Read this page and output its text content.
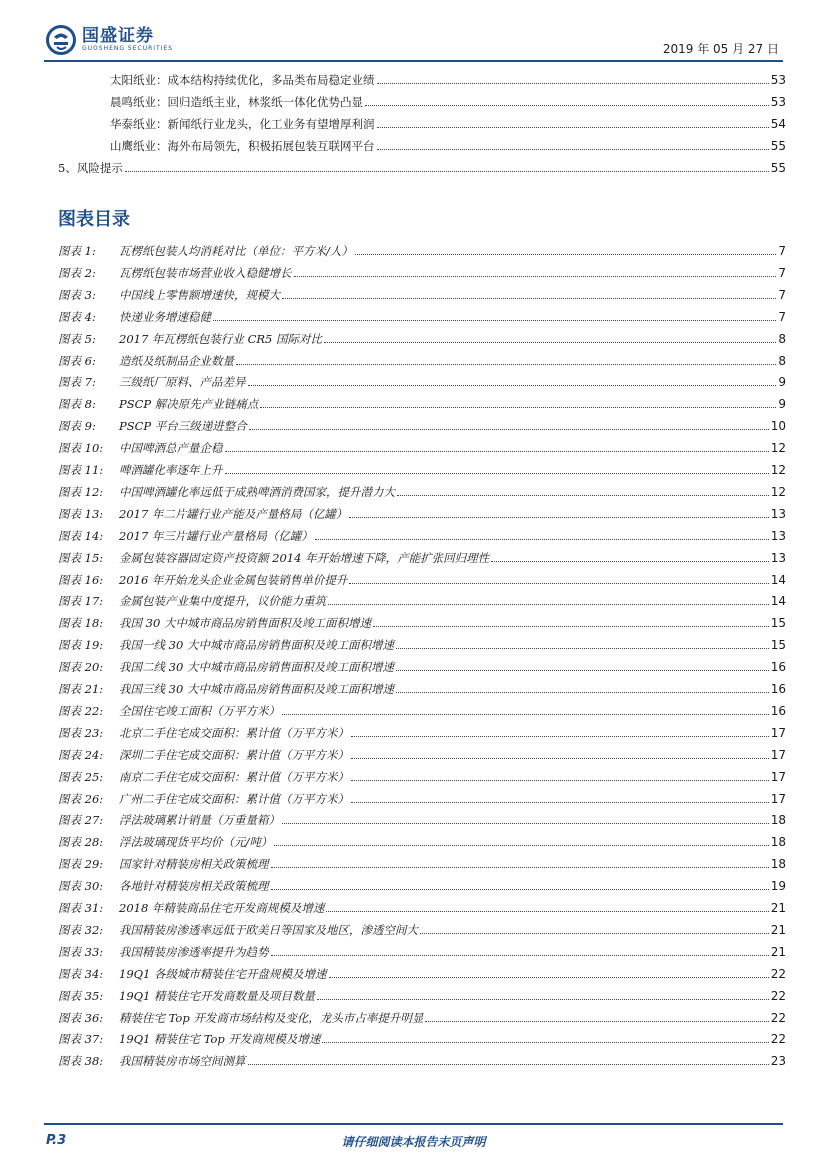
国盛证券
GUOSHENG SECURITIES	2019 年 05 月 27 日
太阳纸业：成本结构持续优化，多品类布局稳定业绩	53
晨鸣纸业：回归造纸主业，林浆纸一体化优势凸显	53
华泰纸业：新闻纸行业龙头，化工业务有望增厚利润	54
山鹰纸业：海外布局领先，积极拓展包装互联网平台	55
5、风险提示	55
图表目录
图表 1:	瓦楞纸包装人均消耗对比（单位：平方米/人）	7
图表 2:	瓦楞纸包装市场营业收入稳健增长	7
图表 3:	中国线上零售额增速快，规模大	7
图表 4:	快递业务增速稳健	7
图表 5:	2017 年瓦楞纸包装行业 CR5 国际对比	8
图表 6:	造纸及纸制品企业数量	8
图表 7:	三级纸厂原料、产品差异	9
图表 8:	PSCP 解决原先产业链痛点	9
图表 9:	PSCP 平台三级递进整合	10
图表 10:	中国啤酒总产量企稳	12
图表 11:	啤酒罐化率逐年上升	12
图表 12:	中国啤酒罐化率远低于成熟啤酒消费国家，提升潜力大	12
图表 13:	2017 年二片罐行业产能及产量格局（亿罐）	13
图表 14:	2017 年三片罐行业产量格局（亿罐）	13
图表 15:	金属包装容器固定资产投资额 2014 年开始增速下降，产能扩张回归理性	13
图表 16:	2016 年开始龙头企业金属包装销售单价提升	14
图表 17:	金属包装产业集中度提升，议价能力重筑	14
图表 18:	我国 30 大中城市商品房销售面积及竣工面积增速	15
图表 19:	我国一线 30 大中城市商品房销售面积及竣工面积增速	15
图表 20:	我国二线 30 大中城市商品房销售面积及竣工面积增速	16
图表 21:	我国三线 30 大中城市商品房销售面积及竣工面积增速	16
图表 22:	全国住宅竣工面积（万平方米）	16
图表 23:	北京二手住宅成交面积：累计值（万平方米）	17
图表 24:	深圳二手住宅成交面积：累计值（万平方米）	17
图表 25:	南京二手住宅成交面积：累计值（万平方米）	17
图表 26:	广州二手住宅成交面积：累计值（万平方米）	17
图表 27:	浮法玻璃累计销量（万重量箱）	18
图表 28:	浮法玻璃现货平均价（元/吨）	18
图表 29:	国家针对精装房相关政策梳理	18
图表 30:	各地针对精装房相关政策梳理	19
图表 31:	2018 年精装商品住宅开发商规模及增速	21
图表 32:	我国精装房渗透率远低于欧美日等国家及地区，渗透空间大	21
图表 33:	我国精装房渗透率提升为趋势	21
图表 34:	19Q1 各级城市精装住宅开盘规模及增速	22
图表 35:	19Q1 精装住宅开发商数量及项目数量	22
图表 36:	精装住宅 Top 开发商市场结构及变化，龙头市占率提升明显	22
图表 37:	19Q1 精装住宅 Top 开发商规模及增速	22
图表 38:	我国精装房市场空间测算	23
P.3	请仔细阅读本报告末页声明
